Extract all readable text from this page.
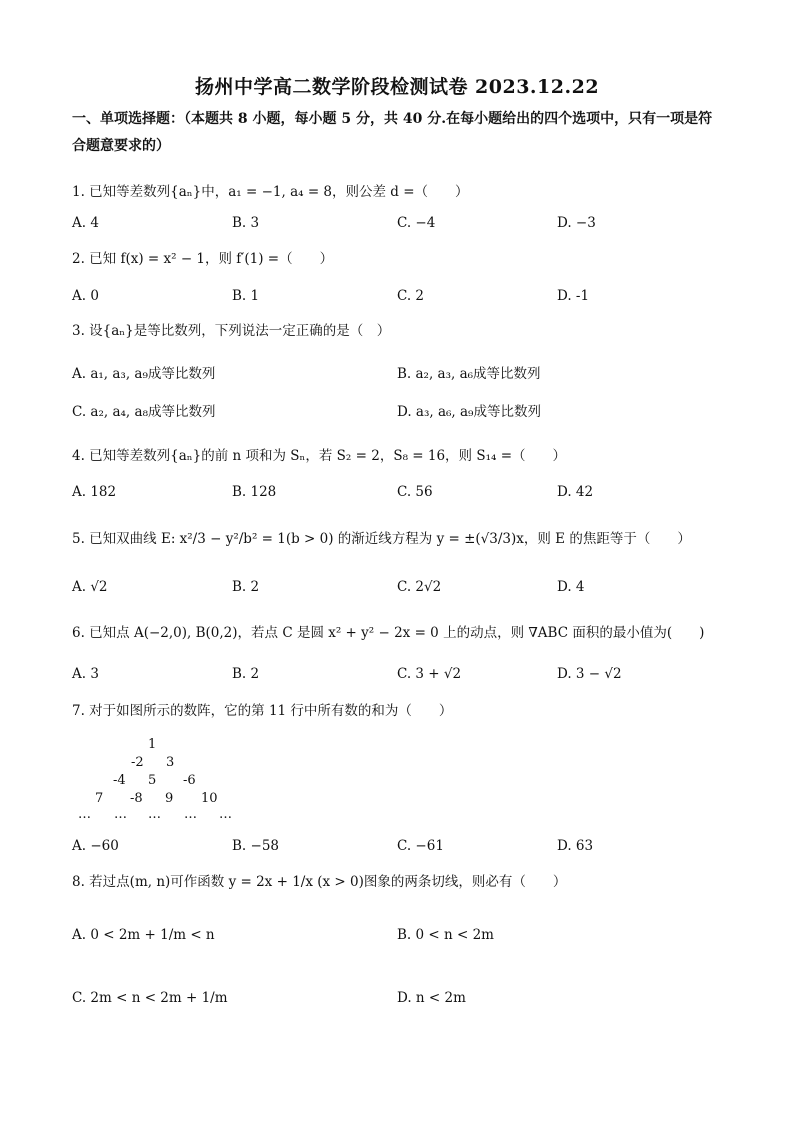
扬州中学高二数学阶段检测试卷 2023.12.22
一、单项选择题：（本题共 8 小题，每小题 5 分，共 40 分.在每小题给出的四个选项中，只有一项是符合题意要求的）
1. 已知等差数列{aₙ}中，a₁ = −1, a₄ = 8，则公差 d =（　　）
A. 4	B. 3	C. −4	D. −3
2. 已知 f(x) = x² − 1，则 f′(1) =（　　）
A. 0	B. 1	C. 2	D. -1
3. 设{aₙ}是等比数列，下列说法一定正确的是（　）
A. a₁, a₃, a₉成等比数列	B. a₂, a₃, a₆成等比数列
C. a₂, a₄, a₈成等比数列	D. a₃, a₆, a₉成等比数列
4. 已知等差数列{aₙ}的前 n 项和为 Sₙ，若 S₂ = 2，S₈ = 16，则 S₁₄ =（　　）
A. 182	B. 128	C. 56	D. 42
5. 已知双曲线 E: x²/3 − y²/b² = 1(b > 0) 的渐近线方程为 y = ±(√3/3)x，则 E 的焦距等于（　　）
A. √2	B. 2	C. 2√2	D. 4
6. 已知点 A(−2,0), B(0,2)，若点 C 是圆 x² + y² − 2x = 0 上的动点，则 ∇ABC 面积的最小值为(　　)
A. 3	B. 2	C. 3 + √2	D. 3 − √2
7. 对于如图所示的数阵，它的第 11 行中所有数的和为（　　）
1
-2 3
-4 5 -6
7 -8 9 10
… … … … …
A. −60	B. −58	C. −61	D. 63
8. 若过点(m, n)可作函数 y = 2x + 1/x (x > 0)图象的两条切线，则必有（　　）
A. 0 < 2m + 1/m < n	B. 0 < n < 2m
C. 2m < n < 2m + 1/m	D. n < 2m
